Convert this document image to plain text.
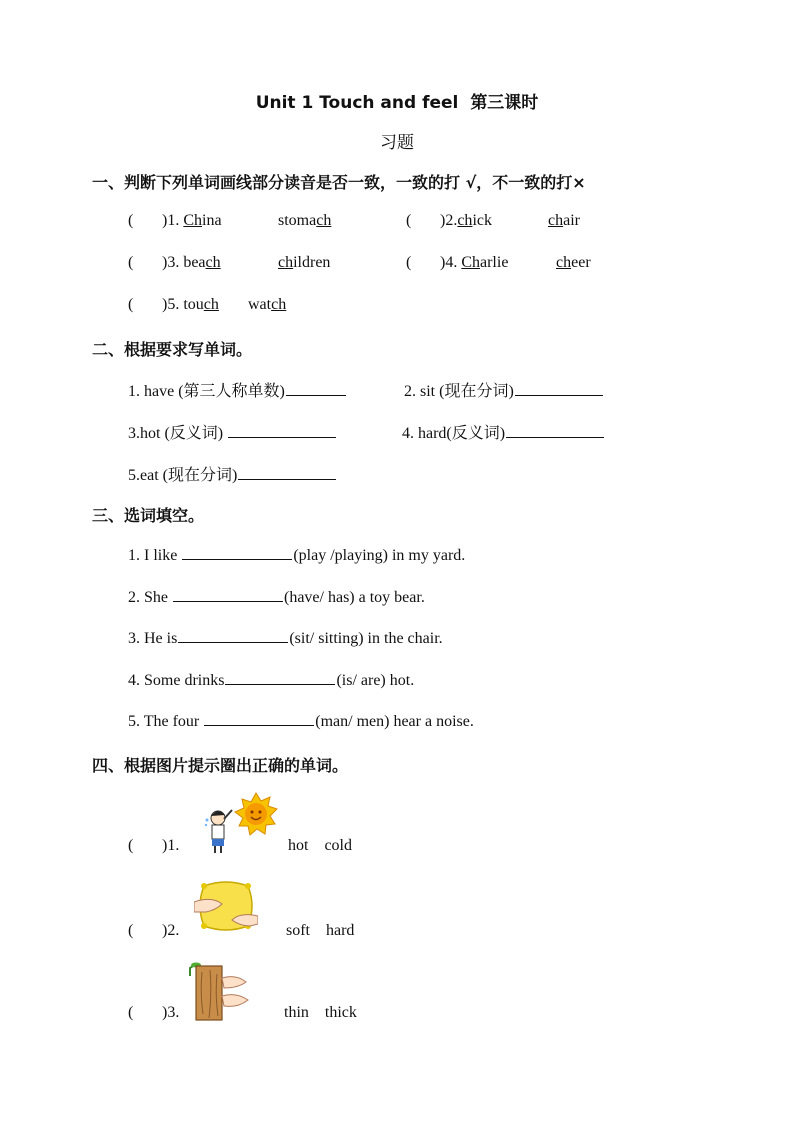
Unit 1 Touch and feel 第三课时
习题
一、判断下列单词画线部分读音是否一致，一致的打 √，不一致的打×
( )1. China	stomach	( )2.chick	chair
( )3. beach	children	( )4. Charlie	cheer
( )5. touch watch
二、根据要求写单词。
1. have (第三人称单数)	2. sit (现在分词)
3.hot (反义词)	4. hard(反义词)
5.eat (现在分词)
三、选词填空。
1. I like	(play /playing) in my yard.
2. She	(have/ has) a toy bear.
3. He is	(sit/ sitting) in the chair.
4. Some drinks	(is/ are) hot.
5. The four	(man/ men) hear a noise.
四、根据图片提示圈出正确的单词。
( )1.	hot cold
( )2.	soft hard
( )3.	thin thick
